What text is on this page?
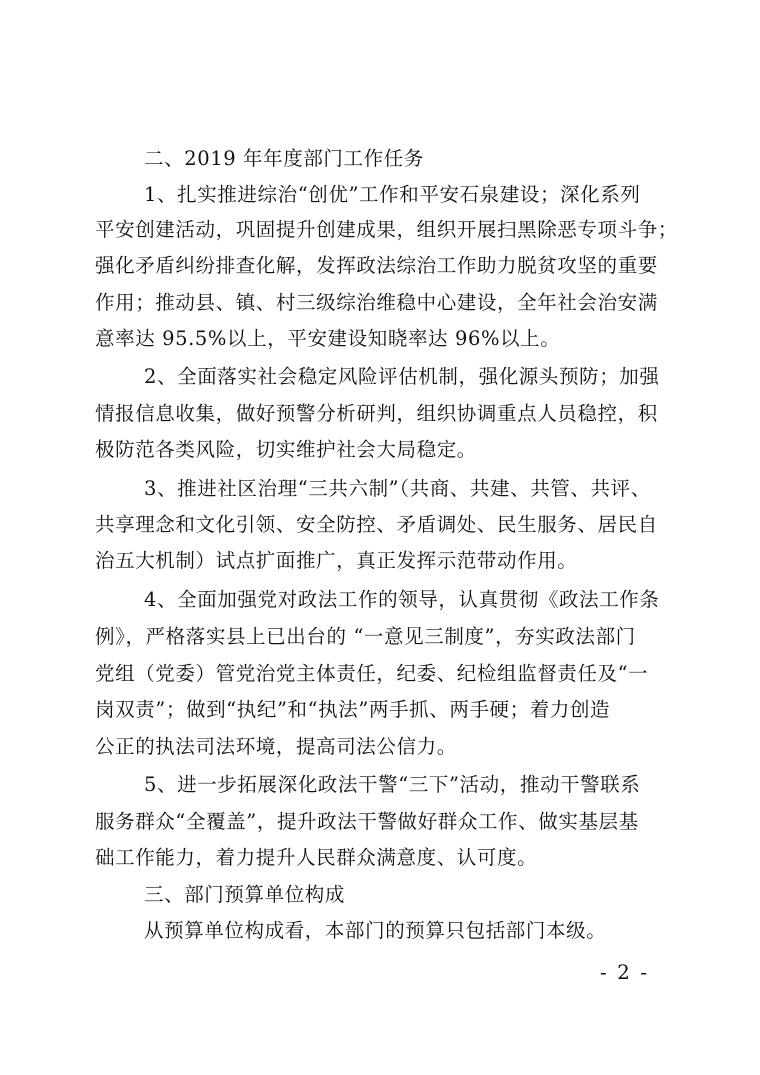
二、2019 年年度部门工作任务
1、扎实推进综治“创优”工作和平安石泉建设；深化系列
平安创建活动，巩固提升创建成果，组织开展扫黑除恶专项斗争；
强化矛盾纠纷排查化解，发挥政法综治工作助力脱贫攻坚的重要
作用；推动县、镇、村三级综治维稳中心建设，全年社会治安满
意率达 95.5%以上，平安建设知晓率达 96%以上。
2、全面落实社会稳定风险评估机制，强化源头预防；加强
情报信息收集，做好预警分析研判，组织协调重点人员稳控，积
极防范各类风险，切实维护社会大局稳定。
3、推进社区治理“三共六制”（共商、共建、共管、共评、
共享理念和文化引领、安全防控、矛盾调处、民生服务、居民自
治五大机制）试点扩面推广，真正发挥示范带动作用。
4、全面加强党对政法工作的领导，认真贯彻《政法工作条
例》，严格落实县上已出台的 “一意见三制度”，夯实政法部门
党组（党委）管党治党主体责任，纪委、纪检组监督责任及“一
岗双责”；做到“执纪”和“执法”两手抓、两手硬；着力创造
公正的执法司法环境，提高司法公信力。
5、进一步拓展深化政法干警“三下”活动，推动干警联系
服务群众“全覆盖”，提升政法干警做好群众工作、做实基层基
础工作能力，着力提升人民群众满意度、认可度。
三、部门预算单位构成
从预算单位构成看，本部门的预算只包括部门本级。
- 2 -
